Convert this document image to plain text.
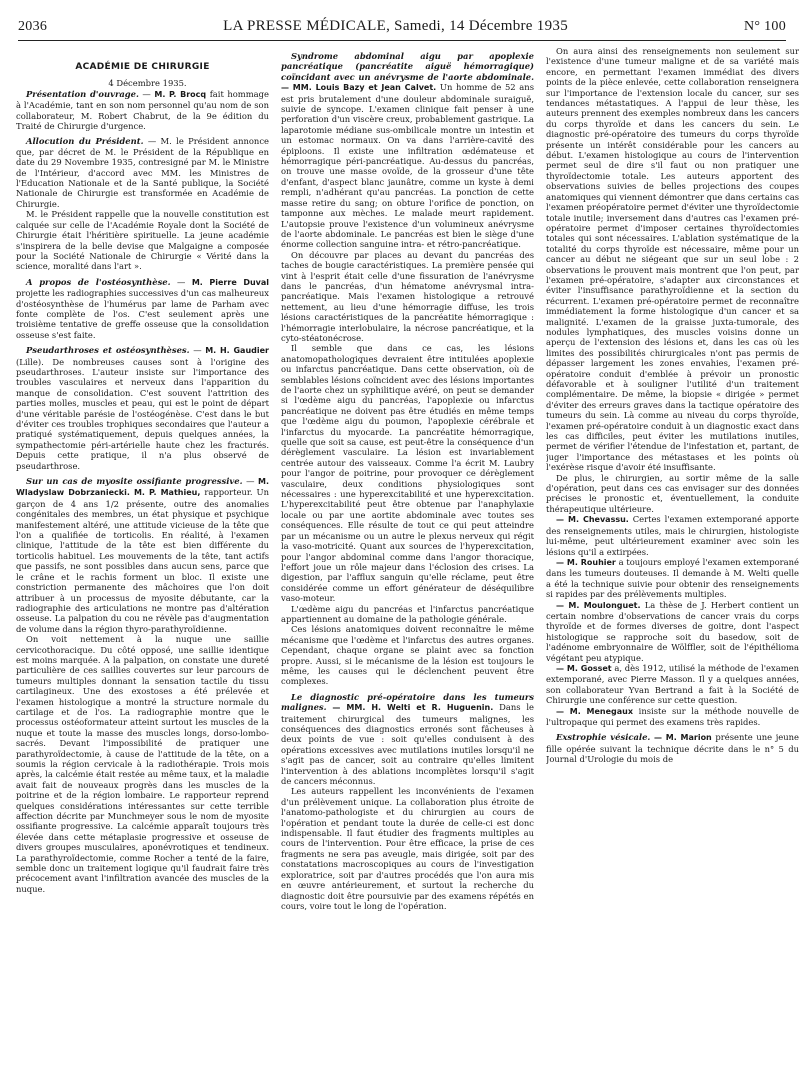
2036	LA PRESSE MÉDICALE, Samedi, 14 Décembre 1935	N° 100
ACADÉMIE DE CHIRURGIE

4 Décembre 1935.

Présentation d'ouvrage. — M. P. Brocq fait hommage à l'Académie, tant en son nom personnel qu'au nom de son collaborateur, M. Robert Chabrut, de la 9e édition du Traité de Chirurgie d'urgence.

Allocution du Président. — M. le Président annonce que, par décret de M. le Président de la République en date du 29 Novembre 1935, contresigné par M. le Ministre de l'Intérieur, d'accord avec MM. les Ministres de l'Education Nationale et de la Santé publique, la Société Nationale de Chirurgie est transformée en Académie de Chirurgie.

M. le Président rappelle que la nouvelle constitution est calquée sur celle de l'Académie Royale dont la Société de Chirurgie était l'héritière spirituelle. La jeune académie s'inspirera de la belle devise que Malgaigne a composée pour la Société Nationale de Chirurgie « Vérité dans la science, moralité dans l'art ».

A propos de l'ostéosynthèse. — M. Pierre Duval projette les radiographies successives d'un cas malheureux d'ostéosynthèse de l'humérus par lame de Parham avec fonte complète de l'os. C'est seulement après une troisième tentative de greffe osseuse que la consolidation osseuse s'est faite.

Pseudarthroses et ostéosynthèses. — M. H. Gaudier (Lille). De nombreuses causes sont à l'origine des pseudarthroses. L'auteur insiste sur l'importance des troubles vasculaires et nerveux dans l'apparition du manque de consolidation. C'est souvent l'attrition des parties molles, muscles et peau, qui est le point de départ d'une véritable parésie de l'ostéogénèse. C'est dans le but d'éviter ces troubles trophiques secondaires que l'auteur a pratiqué systématiquement, depuis quelques années, la sympathectomie péri-artérielle haute chez les fracturés. Depuis cette pratique, il n'a plus observé de pseudarthrose.

Sur un cas de myosite ossifiante progressive. — M. Wladyslaw Dobrzaniecki. M. P. Mathieu, rapporteur. Un garçon de 4 ans 1/2 présente, outre des anomalies congénitales des membres, un état physique et psychique manifestement altéré, une attitude vicieuse de la tête que l'on a qualifiée de torticolis. En réalité, à l'examen clinique, l'attitude de la tête est bien différente du torticolis habituel. Les mouvements de la tête, tant actifs que passifs, ne sont possibles dans aucun sens, parce que le crâne et le rachis forment un bloc. Il existe une constriction permanente des mâchoires que l'on doit attribuer à un processus de myosite débutante, car la radiographie des articulations ne montre pas d'altération osseuse. La palpation du cou ne révèle pas d'augmentation de volume dans la région thyro-parathyroïdienne.

On voit nettement à la nuque une saillie cervicothoracique. Du côté opposé, une saillie identique est moins marquée. A la palpation, on constate une dureté particulière de ces saillies couvertes sur leur parcours de tumeurs multiples donnant la sensation tactile du tissu cartilagineux. Une des exostoses a été prélevée et l'examen histologique a montré la structure normale du cartilage et de l'os. La radiographie montre que le processus ostéoformateur atteint surtout les muscles de la nuque et toute la masse des muscles longs, dorso-lombo-sacrés. Devant l'impossibilité de pratiquer une parathyroïdectomie, à cause de l'attitude de la tête, on a soumis la région cervicale à la radiothérapie. Trois mois après, la calcémie était restée au même taux, et la maladie avait fait de nouveaux progrès dans les muscles de la poitrine et de la région lombaire. Le rapporteur reprend quelques considérations intéressantes sur cette terrible affection décrite par Munchmeyer sous le nom de myosite ossifiante progressive. La calcémie apparaît toujours très élevée dans cette métaplasie progressive et osseuse de divers groupes musculaires, aponévrotiques et tendineux. La parathyroïdectomie, comme Rocher a tenté de la faire, semble donc un traitement logique qu'il faudrait faire très précocement avant l'infiltration avancée des muscles de la nuque.

Syndrome abdominal aigu par apoplexie pancréatique (pancréatite aiguë hémorragique) coïncidant avec un anévrysme de l'aorte abdominale. — MM. Louis Bazy et Jean Calvet. Un homme de 52 ans est pris brutalement d'une douleur abdominale suraiguë, suivie de syncope. L'examen clinique fait penser à une perforation d'un viscère creux, probablement gastrique. La laparotomie médiane sus-ombilicale montre un intestin et un estomac normaux. On va dans l'arrière-cavité des épiploons. Il existe une infiltration œdémateuse et hémorragique péri-pancréatique. Au-dessus du pancréas, on trouve une masse ovoïde, de la grosseur d'une tête d'enfant, d'aspect blanc jaunâtre, comme un kyste à demi rempli, n'adhérant qu'au pancréas. La ponction de cette masse retire du sang; on obture l'orifice de ponction, on tamponne aux mèches. Le malade meurt rapidement. L'autopsie prouve l'existence d'un volumineux anévrysme de l'aorte abdominale. Le pancréas est bien le siège d'une énorme collection sanguine intra- et rétro-pancréatique.

On découvre par places au devant du pancréas des taches de bougie caractéristiques. La première pensée qui vint à l'esprit était celle d'une fissuration de l'anévrysme dans le pancréas, d'un hématome anévrysmal intra-pancréatique. Mais l'examen histologique a retrouvé nettement, au lieu d'une hémorragie diffuse, les trois lésions caractéristiques de la pancréatite hémorragique : l'hémorragie interlobulaire, la nécrose pancréatique, et la cyto-stéatonécrose.

Il semble que dans ce cas, les lésions anatomopathologiques devraient être intitulées apoplexie ou infarctus pancréatique. Dans cette observation, où de semblables lésions coïncident avec des lésions importantes de l'aorte chez un syphilitique avéré, on peut se demander si l'œdème aigu du pancréas, l'apoplexie ou infarctus pancréatique ne doivent pas être étudiés en même temps que l'œdème aigu du poumon, l'apoplexie cérébrale et l'infarctus du myocarde. La pancréatite hémorragique, quelle que soit sa cause, est peut-être la conséquence d'un dérèglement vasculaire. La lésion est invariablement centrée autour des vaisseaux. Comme l'a écrit M. Laubry pour l'angor de poitrine, pour provoquer ce dérèglement vasculaire, deux conditions physiologiques sont nécessaires : une hyperexcitabilité et une hyperexcitation. L'hyperexcitabilité peut être obtenue par l'anaphylaxie locale ou par une aortite abdominale avec toutes ses conséquences. Elle résulte de tout ce qui peut atteindre par un mécanisme ou un autre le plexus nerveux qui régit la vaso-motricité. Quant aux sources de l'hyperexcitation, pour l'angor abdominal comme dans l'angor thoracique, l'effort joue un rôle majeur dans l'éclosion des crises. La digestion, par l'afflux sanguin qu'elle réclame, peut être considérée comme un effort générateur de déséquilibre vaso-moteur.

L'œdème aigu du pancréas et l'infarctus pancréatique appartiennent au domaine de la pathologie générale.

Ces lésions anatomiques doivent reconnaître le même mécanisme que l'œdème et l'infarctus des autres organes. Cependant, chaque organe se plaint avec sa fonction propre. Aussi, si le mécanisme de la lésion est toujours le même, les causes qui le déclenchent peuvent être complexes.

Le diagnostic pré-opératoire dans les tumeurs malignes. — MM. H. Welti et R. Huguenin. Dans le traitement chirurgical des tumeurs malignes, les conséquences des diagnostics erronés sont fâcheuses à deux points de vue : soit qu'elles conduisent à des opérations excessives avec mutilations inutiles lorsqu'il ne s'agit pas de cancer, soit au contraire qu'elles limitent l'intervention à des ablations incomplètes lorsqu'il s'agit de cancers méconnus.

Les auteurs rappellent les inconvénients de l'examen d'un prélèvement unique. La collaboration plus étroite de l'anatomo-pathologiste et du chirurgien au cours de l'opération et pendant toute la durée de celle-ci est donc indispensable. Il faut étudier des fragments multiples au cours de l'intervention. Pour être efficace, la prise de ces fragments ne sera pas aveugle, mais dirigée, soit par des constatations macroscopiques au cours de l'investigation exploratrice, soit par d'autres procédés que l'on aura mis en œuvre antérieurement, et surtout la recherche du diagnostic doit être poursuivie par des examens répétés en cours, voire tout le long de l'opération.

On aura ainsi des renseignements non seulement sur l'existence d'une tumeur maligne et de sa variété mais encore, en permettant l'examen immédiat des divers points de la pièce enlevée, cette collaboration renseignera sur l'importance de l'extension locale du cancer, sur ses tendances métastatiques. A l'appui de leur thèse, les auteurs prennent des exemples nombreux dans les cancers du corps thyroïde et dans les cancers du sein. Le diagnostic pré-opératoire des tumeurs du corps thyroïde présente un intérêt considérable pour les cancers au début. L'examen histologique au cours de l'intervention permet seul de dire s'il faut ou non pratiquer une thyroïdectomie totale. Les auteurs apportent des observations suivies de belles projections des coupes anatomiques qui viennent démontrer que dans certains cas l'examen préopératoire permet d'éviter une thyroïdectomie totale inutile; inversement dans d'autres cas l'examen pré-opératoire permet d'imposer certaines thyroïdectomies totales qui sont nécessaires. L'ablation systématique de la totalité du corps thyroïde est nécessaire, même pour un cancer au début ne siégeant que sur un seul lobe : 2 observations le prouvent mais montrent que l'on peut, par l'examen pré-opératoire, s'adapter aux circonstances et éviter l'insuffisance parathyroïdienne et la section du récurrent. L'examen pré-opératoire permet de reconnaître immédiatement la forme histologique d'un cancer et sa malignité. L'examen de la graisse juxta-tumorale, des nodules lymphatiques, des muscles voisins donne un aperçu de l'extension des lésions et, dans les cas où les limites des possibilités chirurgicales n'ont pas permis de dépasser largement les zones envahies, l'examen pré-opératoire conduit d'emblée à prévoir un pronostic défavorable et à souligner l'utilité d'un traitement complémentaire. De même, la biopsie « dirigée » permet d'éviter des erreurs graves dans la tactique opératoire des tumeurs du sein. Là comme au niveau du corps thyroïde, l'examen pré-opératoire conduit à un diagnostic exact dans les cas difficiles, peut éviter les mutilations inutiles, permet de vérifier l'étendue de l'infestation et, partant, de juger l'importance des métastases et les points où l'exérèse risque d'avoir été insuffisante.

De plus, le chirurgien, au sortir même de la salle d'opération, peut dans ces cas envisager sur des données précises le pronostic et, éventuellement, la conduite thérapeutique ultérieure.

— M. Chevassu. Certes l'examen extemporané apporte des renseignements utiles, mais le chirurgien, histologiste lui-même, peut ultérieurement examiner avec soin les lésions qu'il a extirpées.

— M. Rouhier a toujours employé l'examen extemporané dans les tumeurs douteuses. Il demande à M. Welti quelle a été la technique suivie pour obtenir des renseignements si rapides par des prélèvements multiples.

— M. Moulonguet. La thèse de J. Herbert contient un certain nombre d'observations de cancer vrais du corps thyroïde et de formes diverses de goitre, dont l'aspect histologique se rapproche soit du basedow, soit de l'adénome embryonnaire de Wölffler, soit de l'épithélioma végétant peu atypique.

— M. Gosset a, dès 1912, utilisé la méthode de l'examen extemporané, avec Pierre Masson. Il y a quelques années, son collaborateur Yvan Bertrand a fait à la Société de Chirurgie une conférence sur cette question.

— M. Menegaux insiste sur la méthode nouvelle de l'ultropaque qui permet des examens très rapides.

Exstrophie vésicale. — M. Marion présente une jeune fille opérée suivant la technique décrite dans le n° 5 du Journal d'Urologie du mois de
